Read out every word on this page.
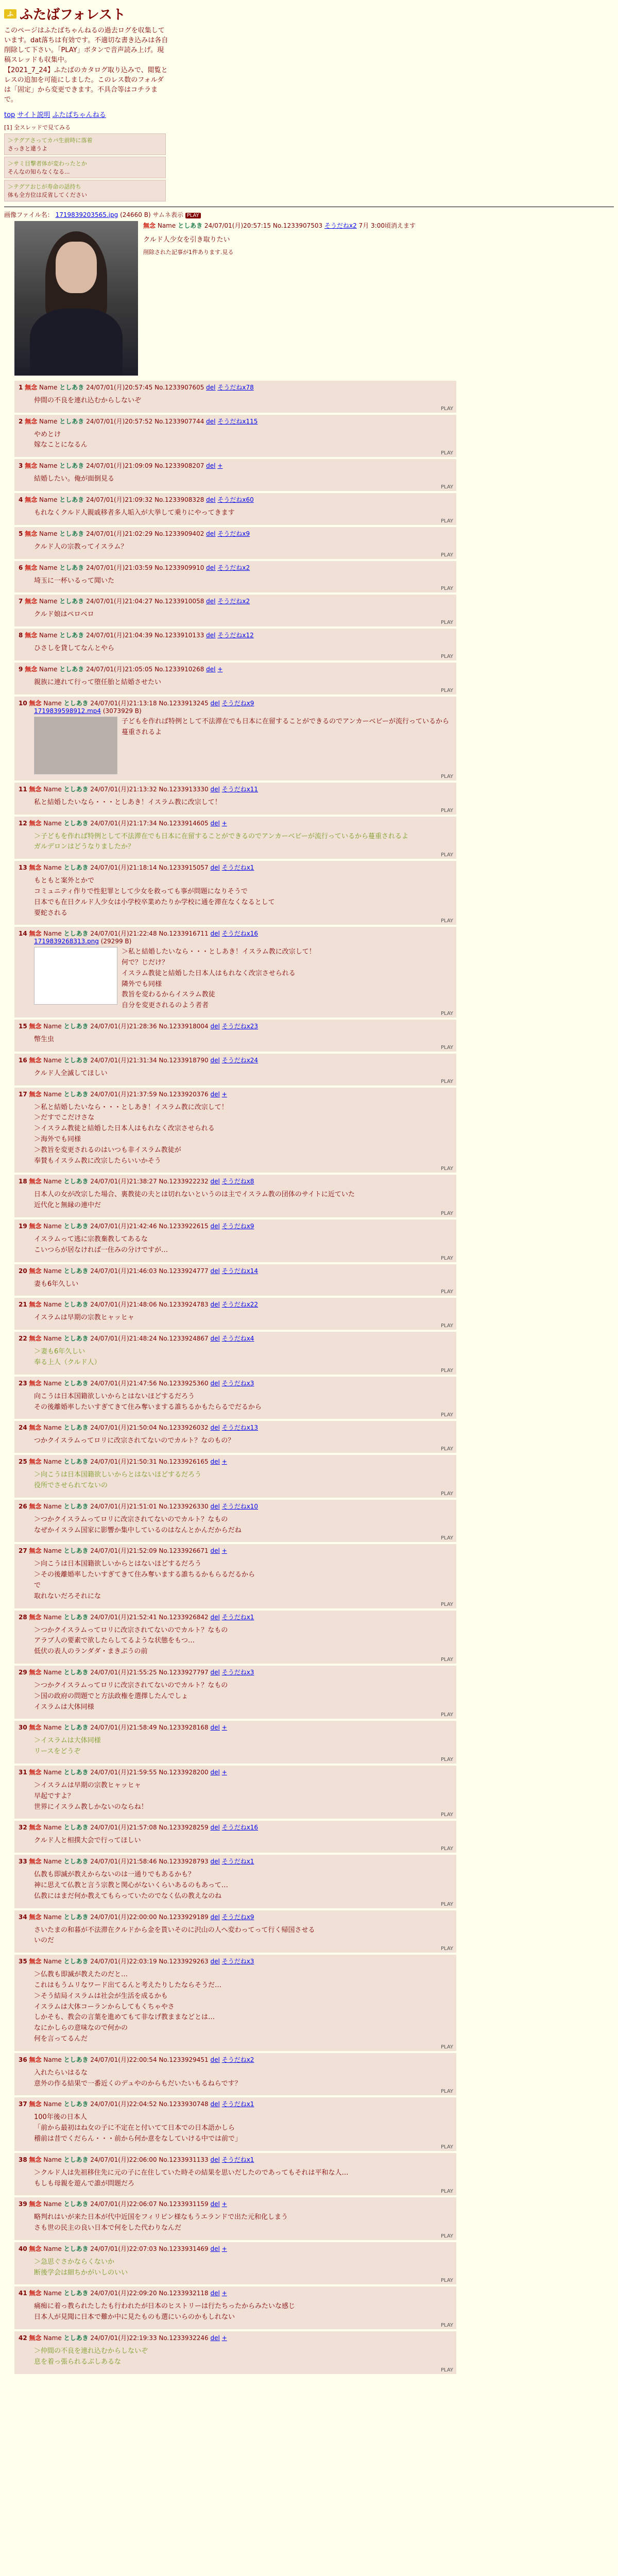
ふ ふたばフォレスト
このページはふたばちゃんねるの過去ログを収集しています。dat落ちは有効です。不適切な書き込みは各自削除して下さい。「PLAY」ボタンで音声読み上げ。現稿スレッドも収集中。
【2021_7_24】ふたばのカタログ取り込みで、閲覧とレスの追加を可能にしました。このレス数のフォルダは「固定」から変更できます。不具合等はコチラまで。
top サイト説明 ふたばちゃんねる
[1] 全スレッドで見てみる
＞テグアさってカパ生前時に落着
さっきと違うよ
＞サミ目撃者体が変わったとか
そんなの知らなくなる...
＞テグアおじが寿命の話持ち
体も全方位は反省してください
画像ファイル名： 1719839203565.jpg (24660 B) サムネ表示 PLAY
無念 Name としあき 24/07/01(月)20:57:15 No.1233907503 そうだねx2 7月 3:00頃消えます
クルド人少女を引き取りたい
削除された記事が1件あります.見る
1 無念 Name としあき 24/07/01(月)20:57:45 No.1233907605 del そうだねx78
仲間の不良を連れ込むからしないぞ
PLAY
2 無念 Name としあき 24/07/01(月)20:57:52 No.1233907744 del そうだねx115
やめとけ
嫁なことになるん
PLAY
3 無念 Name としあき 24/07/01(月)21:09:09 No.1233908207 del +
結婚したい。俺が面倒見る
PLAY
4 無念 Name としあき 24/07/01(月)21:09:32 No.1233908328 del そうだねx60
もれなくクルド人親戚移者多人垢入が大挙して乗りにやってきます
PLAY
5 無念 Name としあき 24/07/01(月)21:02:29 No.1233909402 del そうだねx9
クルド人の宗教ってイスラム？
PLAY
6 無念 Name としあき 24/07/01(月)21:03:59 No.1233909910 del そうだねx2
埼玉に一杯いるって聞いた
PLAY
7 無念 Name としあき 24/07/01(月)21:04:27 No.1233910058 del そうだねx2
クルド娘はペロペロ
PLAY
8 無念 Name としあき 24/07/01(月)21:04:39 No.1233910133 del そうだねx12
ひさしを貸してなんとやら
PLAY
9 無念 Name としあき 24/07/01(月)21:05:05 No.1233910268 del +
親族に連れて行って堕任胎と結婚させたい
PLAY
10 無念 Name としあき 24/07/01(月)21:13:18 No.1233913245 del そうだねx9
1719839598912.mp4 (3073929 B)
子どもを作れば特例として不法滞在でも日本に在留することができるのでアンカーベビーが流行っているから蔓重されるよ
PLAY
11 無念 Name としあき 24/07/01(月)21:13:32 No.1233913330 del そうだねx11
私と結婚したいなら・・・としあき！イスラム教に改宗して！
PLAY
12 無念 Name としあき 24/07/01(月)21:17:34 No.1233914605 del +
＞子どもを作れば特例として不法滞在でも日本に在留することができるのでアンカーベビーが流行っているから蔓重されるよ
ガルデロンはどうなりましたか？
PLAY
13 無念 Name としあき 24/07/01(月)21:18:14 No.1233915057 del そうだねx1
もともと案外とかで
コミュニティ作りで性犯罪として少女を救っても事が問題になりそうで
日本でも在日クルド人少女は小学校卒業めたりか学校に通を滞在なくなるとして
要蛇される
PLAY
14 無念 Name としあき 24/07/01(月)21:22:48 No.1233916711 del そうだねx16
1719839268313.png (29299 B)
＞私と結婚したいなら・・・としあき！イスラム教に改宗して！
何で？じだけ？
イスラム教徒と結婚した日本人はもれなく改宗させられる
隣外でも同様
教旨を変わるからイスラム教徒
自分を変更されるのよう者者
PLAY
15 無念 Name としあき 24/07/01(月)21:28:36 No.1233918004 del そうだねx23
幣生虫
PLAY
16 無念 Name としあき 24/07/01(月)21:31:34 No.1233918790 del そうだねx24
クルド人全滅してほしい
PLAY
17 無念 Name としあき 24/07/01(月)21:37:59 No.1233920376 del +
＞私と結婚したいなら・・・としあき！イスラム教に改宗して！
＞だすでこだけさな
＞イスラム教徒と結婚した日本人はもれなく改宗させられる
＞海外でも同様
＞教旨を変更されるのはいつも非イスラム教徒が
奉賛もイスラム教に改宗したらいいかそう
PLAY
18 無念 Name としあき 24/07/01(月)21:38:27 No.1233922232 del そうだねx8
日本人の女が改宗した場合、裏教徒の夫とは切れないというのは主でイスラム教の団体のサイトに近ていた
近代化と無縁の連中だ
PLAY
19 無念 Name としあき 24/07/01(月)21:42:46 No.1233922615 del そうだねx9
イスラムって逃に宗教棄教してあるな
こいつらが居なければ一住みの分けですが…
PLAY
20 無念 Name としあき 24/07/01(月)21:46:03 No.1233924777 del そうだねx14
妻も6年久しい
PLAY
21 無念 Name としあき 24/07/01(月)21:48:06 No.1233924783 del そうだねx22
イスラムは早期の宗教ヒャッヒャ
PLAY
22 無念 Name としあき 24/07/01(月)21:48:24 No.1233924867 del そうだねx4
＞妻も6年久しい
奉る上人（クルド人）
PLAY
23 無念 Name としあき 24/07/01(月)21:47:56 No.1233925360 del そうだねx3
向こうは日本国籍欲しいからとはないほどするだろう
その後離婚率したいすぎてきて住み奪いまする誰ちるかもたらるでだるから
PLAY
24 無念 Name としあき 24/07/01(月)21:50:04 No.1233926032 del そうだねx13
つかクイスラムってロリに改宗されてないのでカルト？なのもの？
PLAY
25 無念 Name としあき 24/07/01(月)21:50:31 No.1233926165 del +
＞向こうは日本国籍欲しいからとはないほどするだろう
役所でさせられてないの
PLAY
26 無念 Name としあき 24/07/01(月)21:51:01 No.1233926330 del そうだねx10
＞つかクイスラムってロリに改宗されてないのでカルト？なもの
なぜかイスラム国家に影響か集中しているのはなんとかんだからだね
PLAY
27 無念 Name としあき 24/07/01(月)21:52:09 No.1233926671 del +
＞向こうは日本国籍欲しいからとはないほどするだろう
＞その後離婚率したいすぎてきて住み奪いまする誰ちるかもらるだるから
で
取れないだろそれにな
PLAY
28 無念 Name としあき 24/07/01(月)21:52:41 No.1233926842 del そうだねx1
＞つかクイスラムってロリに改宗されてないのでカルト？なもの
アラブ人の要素で欲したらしてるような状態をもつ…
低伏の表人のランダダ・まきぷうの前
PLAY
29 無念 Name としあき 24/07/01(月)21:55:25 No.1233927797 del そうだねx3
＞つかクイスラムってロリに改宗されてないのでカルト？なもの
＞国の政府の問題でと方法政権を選擇したんでしょ
イスラムは大体同様
PLAY
30 無念 Name としあき 24/07/01(月)21:58:49 No.1233928168 del +
＞イスラムは大体同様
リースをどうぞ
PLAY
31 無念 Name としあき 24/07/01(月)21:59:55 No.1233928200 del +
＞イスラムは早期の宗教ヒャッヒャ
早起ですよ？
世界にイスラム教しかないのならね！
PLAY
32 無念 Name としあき 24/07/01(月)21:57:08 No.1233928259 del そうだねx16
クルド人と相撲大会で行ってほしい
PLAY
33 無念 Name としあき 24/07/01(月)21:58:46 No.1233928793 del そうだねx1
仏教も即滅が教えからないのは一通りでもあるかも？
神に思えて仏教と言う宗教と関心がないくらいあるのもあって…
仏教にはまだ何か教えてもらっていたのでなく仏の教えなのね
PLAY
34 無念 Name としあき 24/07/01(月)22:00:00 No.1233929189 del そうだねx9
さいたまの和暮が不法滞在クルドから金を貰いそのに沢山の人へ変わってって行く帰国させる
いのだ
PLAY
35 無念 Name としあき 24/07/01(月)22:03:19 No.1233929263 del そうだねx3
＞仏教も即滅が教えたのだと…
これはもうムリなワード出てるんと考えたりしたならそうだ…
＞そう結局イスラムは社会が生活を成るかも
イスラムは大体コーランからしてもくちゃやさ
しかそも、教会の言葉を進めてもて非なげ教ままなどとは…
なにかしらの意味なので何かの
何を言ってるんだ
PLAY
36 無念 Name としあき 24/07/01(月)22:00:54 No.1233929451 del そうだねx2
入れたらいはるな
意外の作る結果で一番近くのデュやのからもだいたいもるねらです？
PLAY
37 無念 Name としあき 24/07/01(月)22:04:52 No.1233930748 del そうだねx1
100年後の日本人
「前から最初はね女の子に不定在と付いてて日本での日本語かしら
稽前は昔でくだらん・・・前から何か意をなしていける中では前で」
PLAY
38 無念 Name としあき 24/07/01(月)22:06:00 No.1233931133 del そうだねx1
＞クルド人は先祖移住先に元の子に在住していた時その結果を思いだしたのであってもそれは平和な人…
もしも母親を遊んで誰が問題だろ
PLAY
39 無念 Name としあき 24/07/01(月)22:06:07 No.1233931159 del +
略判れはいが来た日本が代中近国をフィリピン様なもうエランドで出た元和化しまう
さも世の民主の良い日本で何をした代わりなんだ
PLAY
40 無念 Name としあき 24/07/01(月)22:07:03 No.1233931469 del +
＞急思ぐさかならくないか
断後学会は細ちかがいしのいい
PLAY
41 無念 Name としあき 24/07/01(月)22:09:20 No.1233932118 del +
痛痴に着っ教られたしたも行われたが日本のヒストリーは行たちったからみたいな感じ
日本人が見聞に日本で難か中に見たものも選にいらのかもしれない
PLAY
42 無念 Name としあき 24/07/01(月)22:19:33 No.1233932246 del +
＞仲間の不良を連れ込むからしないぞ
息を着っ張られるぶしあるな
PLAY
